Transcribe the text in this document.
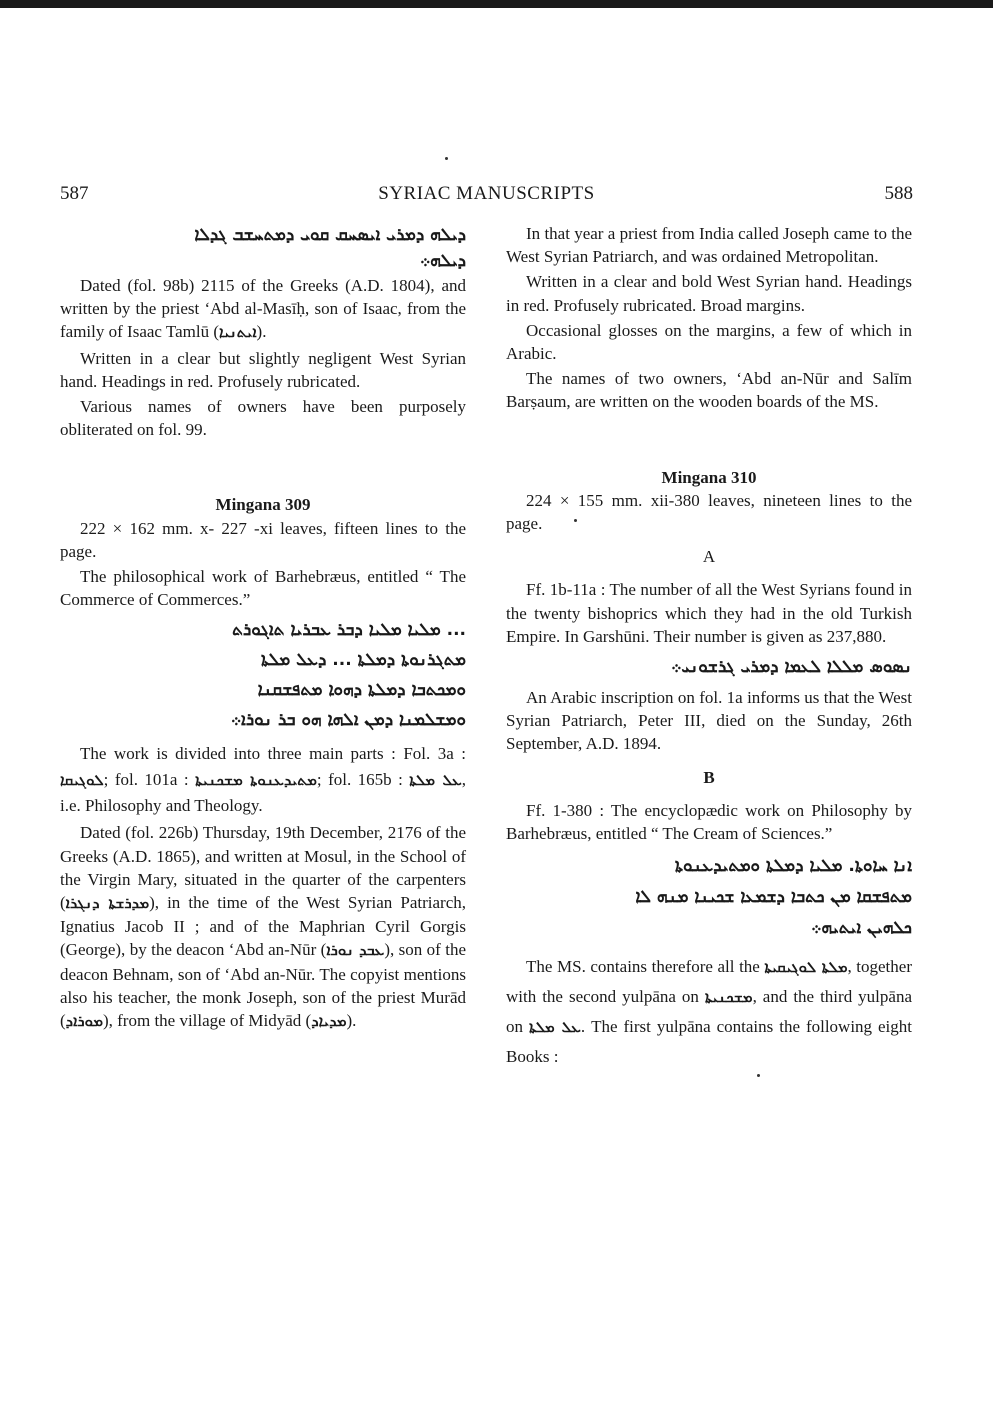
587	SYRIAC MANUSCRIPTS	588
ܕܝܠܗ ܕܡܪܝ ܐܝܣܚܩ ܩܘܝ ܕܡܬܚܫܒ ܓܕܠܐ
ܕܝܠܗ܀

Dated (fol. 98b) 2115 of the Greeks (A.D. 1804), and written by the priest ‘Abd al-Masīḥ, son of Isaac, from the family of Isaac Tamlū (ܐܝܬܢܝܐ).

Written in a clear but slightly negligent West Syrian hand. Headings in red. Profusely rubricated.

Various names of owners have been purposely obliterated on fol. 99.

Mingana 309

222 × 162 mm. x- 227 -xi leaves, fifteen lines to the page.

The philosophical work of Barhebræus, entitled “ The Commerce of Commerces.”

... ܡܠܝܐ ܡܠܝܐ ܕܒܪ ܥܒܪܝܐ ܬܐܓܘܪܬ
ܡܬܓܪܢܘܬܐ ܕܡܠܬܐ ... ܕܥܠ ܡܠܬܐ
ܘܡܟܬܒܐ ܕܡܠܬܐ ܕܗܘܐ ܡܬܦܫܩܢܐ
ܘܡܫܠܡܢܐ ܕܡܢ ܐܠܗܐ ܗܘ ܒܪ ܢܘܪܐ܀

The work is divided into three main parts : Fol. 3a : ܠܘܓܝܩܐ; fol. 101a : ܡܬܝܕܥܢܘܬܐ ܡܫܟܢܝܬܐ; fol. 165b : ܥܠ ܡܠܬܐ, i.e. Philosophy and Theology.

Dated (fol. 226b) Thursday, 19th December, 2176 of the Greeks (A.D. 1865), and written at Mosul, in the School of the Virgin Mary, situated in the quarter of the carpenters (ܡܕܪܫܬܐ ܕܢܓܪܐ), in the time of the West Syrian Patriarch, Ignatius Jacob II ; and of the Maphrian Cyril Gorgis (George), by the deacon ‘Abd an-Nūr (ܥܒܕ ܢܘܪܐ), son of the deacon Behnam, son of ‘Abd an-Nūr. The copyist mentions also his teacher, the monk Joseph, son of the priest Murād (ܡܘܪܐܕ), from the village of Midyād (ܡܕܝܐܕ).

In that year a priest from India called Joseph came to the West Syrian Patriarch, and was ordained Metropolitan.

Written in a clear and bold West Syrian hand. Headings in red. Profusely rubricated. Broad margins.

Occasional glosses on the margins, a few of which in Arabic.

The names of two owners, ‘Abd an-Nūr and Salīm Barṣaum, are written on the wooden boards of the MS.

Mingana 310

224 × 155 mm. xii-380 leaves, nineteen lines to the page.

A

Ff. 1b-11a : The number of all the West Syrians found in the twenty bishoprics which they had in the old Turkish Empire. In Garshūni. Their number is given as 237,880.

ܢܣܘܣ ܡܠܠܐ ܠܥܡܐ ܕܡܪܝ ܓܪܫܘܢܝ܀

An Arabic inscription on fol. 1a informs us that the West Syrian Patriarch, Peter III, died on the Sunday, 26th September, A.D. 1894.

B

Ff. 1-380 : The encyclopædic work on Philosophy by Barhebræus, entitled “ The Cream of Sciences.”

ܐܢܐ ܚܐܘܬܐ. ܡܠܝܐ ܕܡܠܬܐ ܘܡܬܝܕܥܢܘܬܐ
ܡܬܦܫܩܐ ܡܢ ܟܬܒܐ ܕܫܡܥܐ ܫܟܝܢܐ ܡܢܗ ܠܐ
ܟܠܗܝܢ ܐܝܬܝܗ܀

The MS. contains therefore all the ܡܠܬܐ ܠܘܓܝܩܝܬܐ, together with the second yulpāna on ܡܫܟܢܝܬܐ, and the third yulpāna on ܥܠ ܡܠܬܐ. The first yulpāna contains the following eight Books :
